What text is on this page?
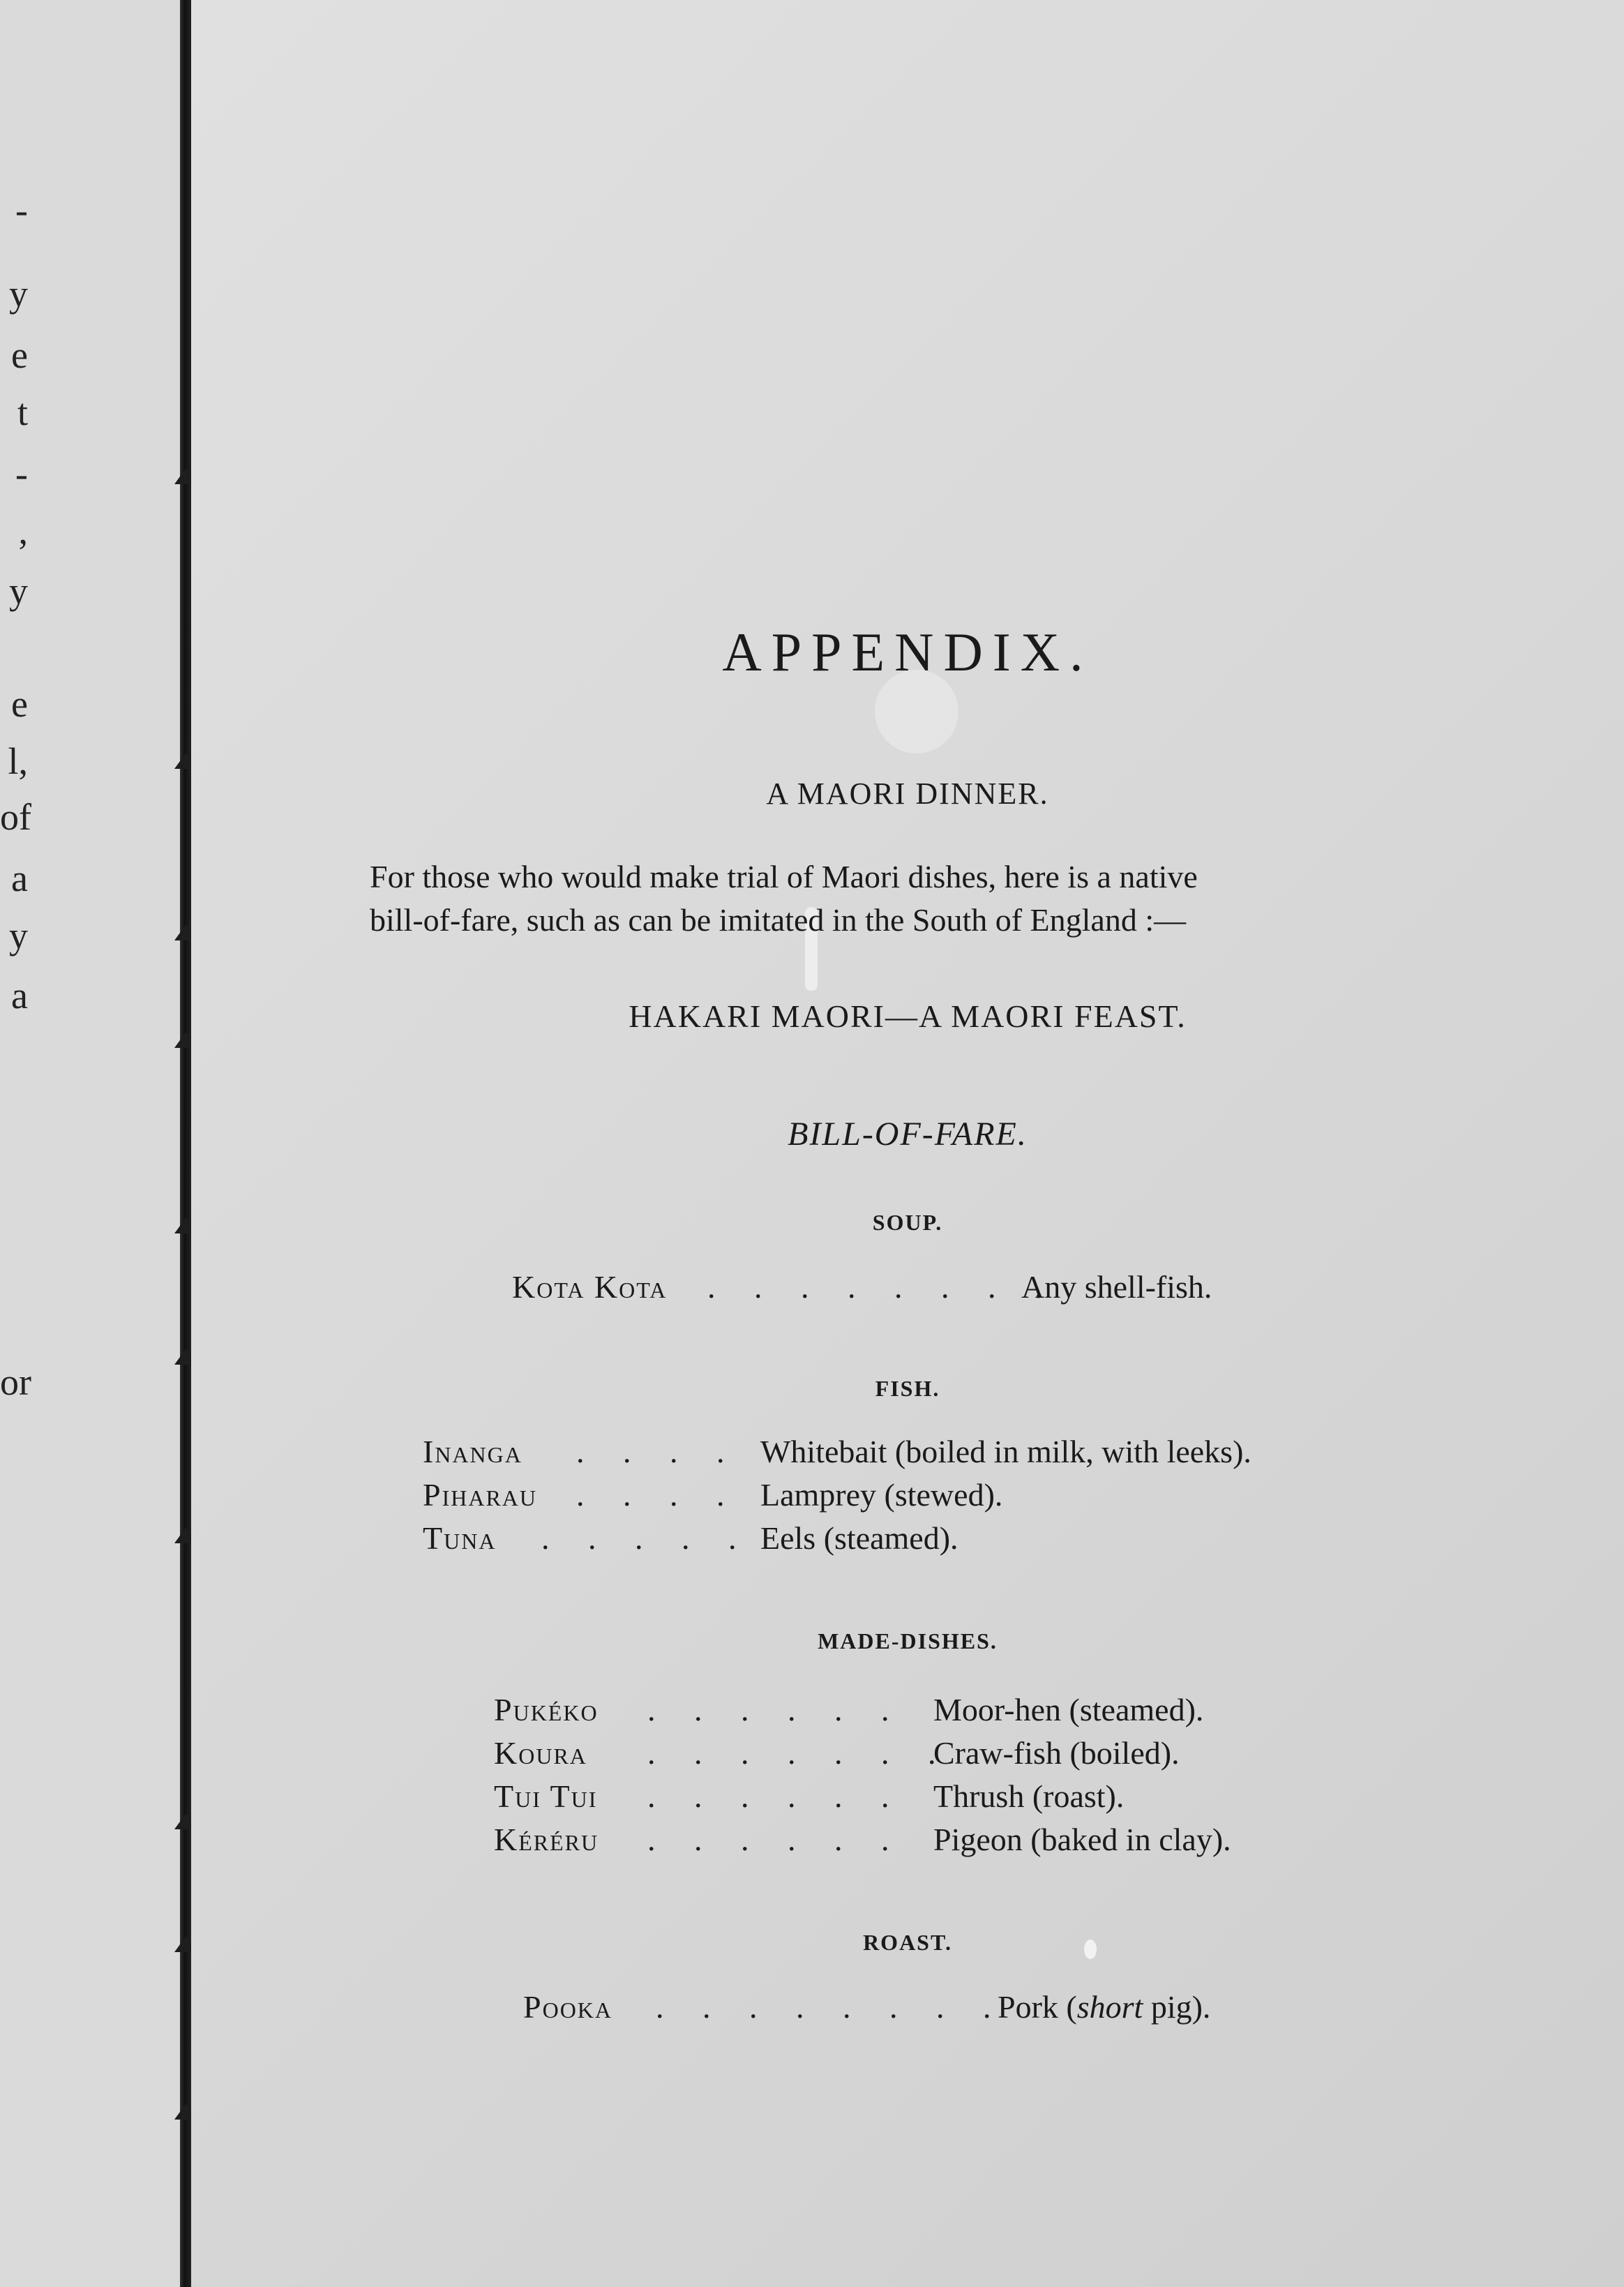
-
y
e
t
-
,
y
e
l,
of
a
y
a
or
APPENDIX.
A MAORI DINNER.
For those who would make trial of Maori dishes, here is a native
bill-of-fare, such as can be imitated in the South of England :—
HAKARI MAORI—A MAORI FEAST.
BILL-OF-FARE.
SOUP.
Kota Kota . . . . . . . .
Any shell-fish.
FISH.
Inanga . . . . Whitebait (boiled in milk, with leeks).
Piharau . . . . Lamprey (stewed).
Tuna . . . . . Eels (steamed).
MADE-DISHES.
Pukéko . . . . . . Moor-hen (steamed).
Koura . . . . . . .
Craw-fish (boiled).
Tui Tui . . . . . . Thrush (roast).
Kéréru . . . . . . Pigeon (baked in clay).
ROAST.
Pooka . . . . . . . .
Pork (short pig).
